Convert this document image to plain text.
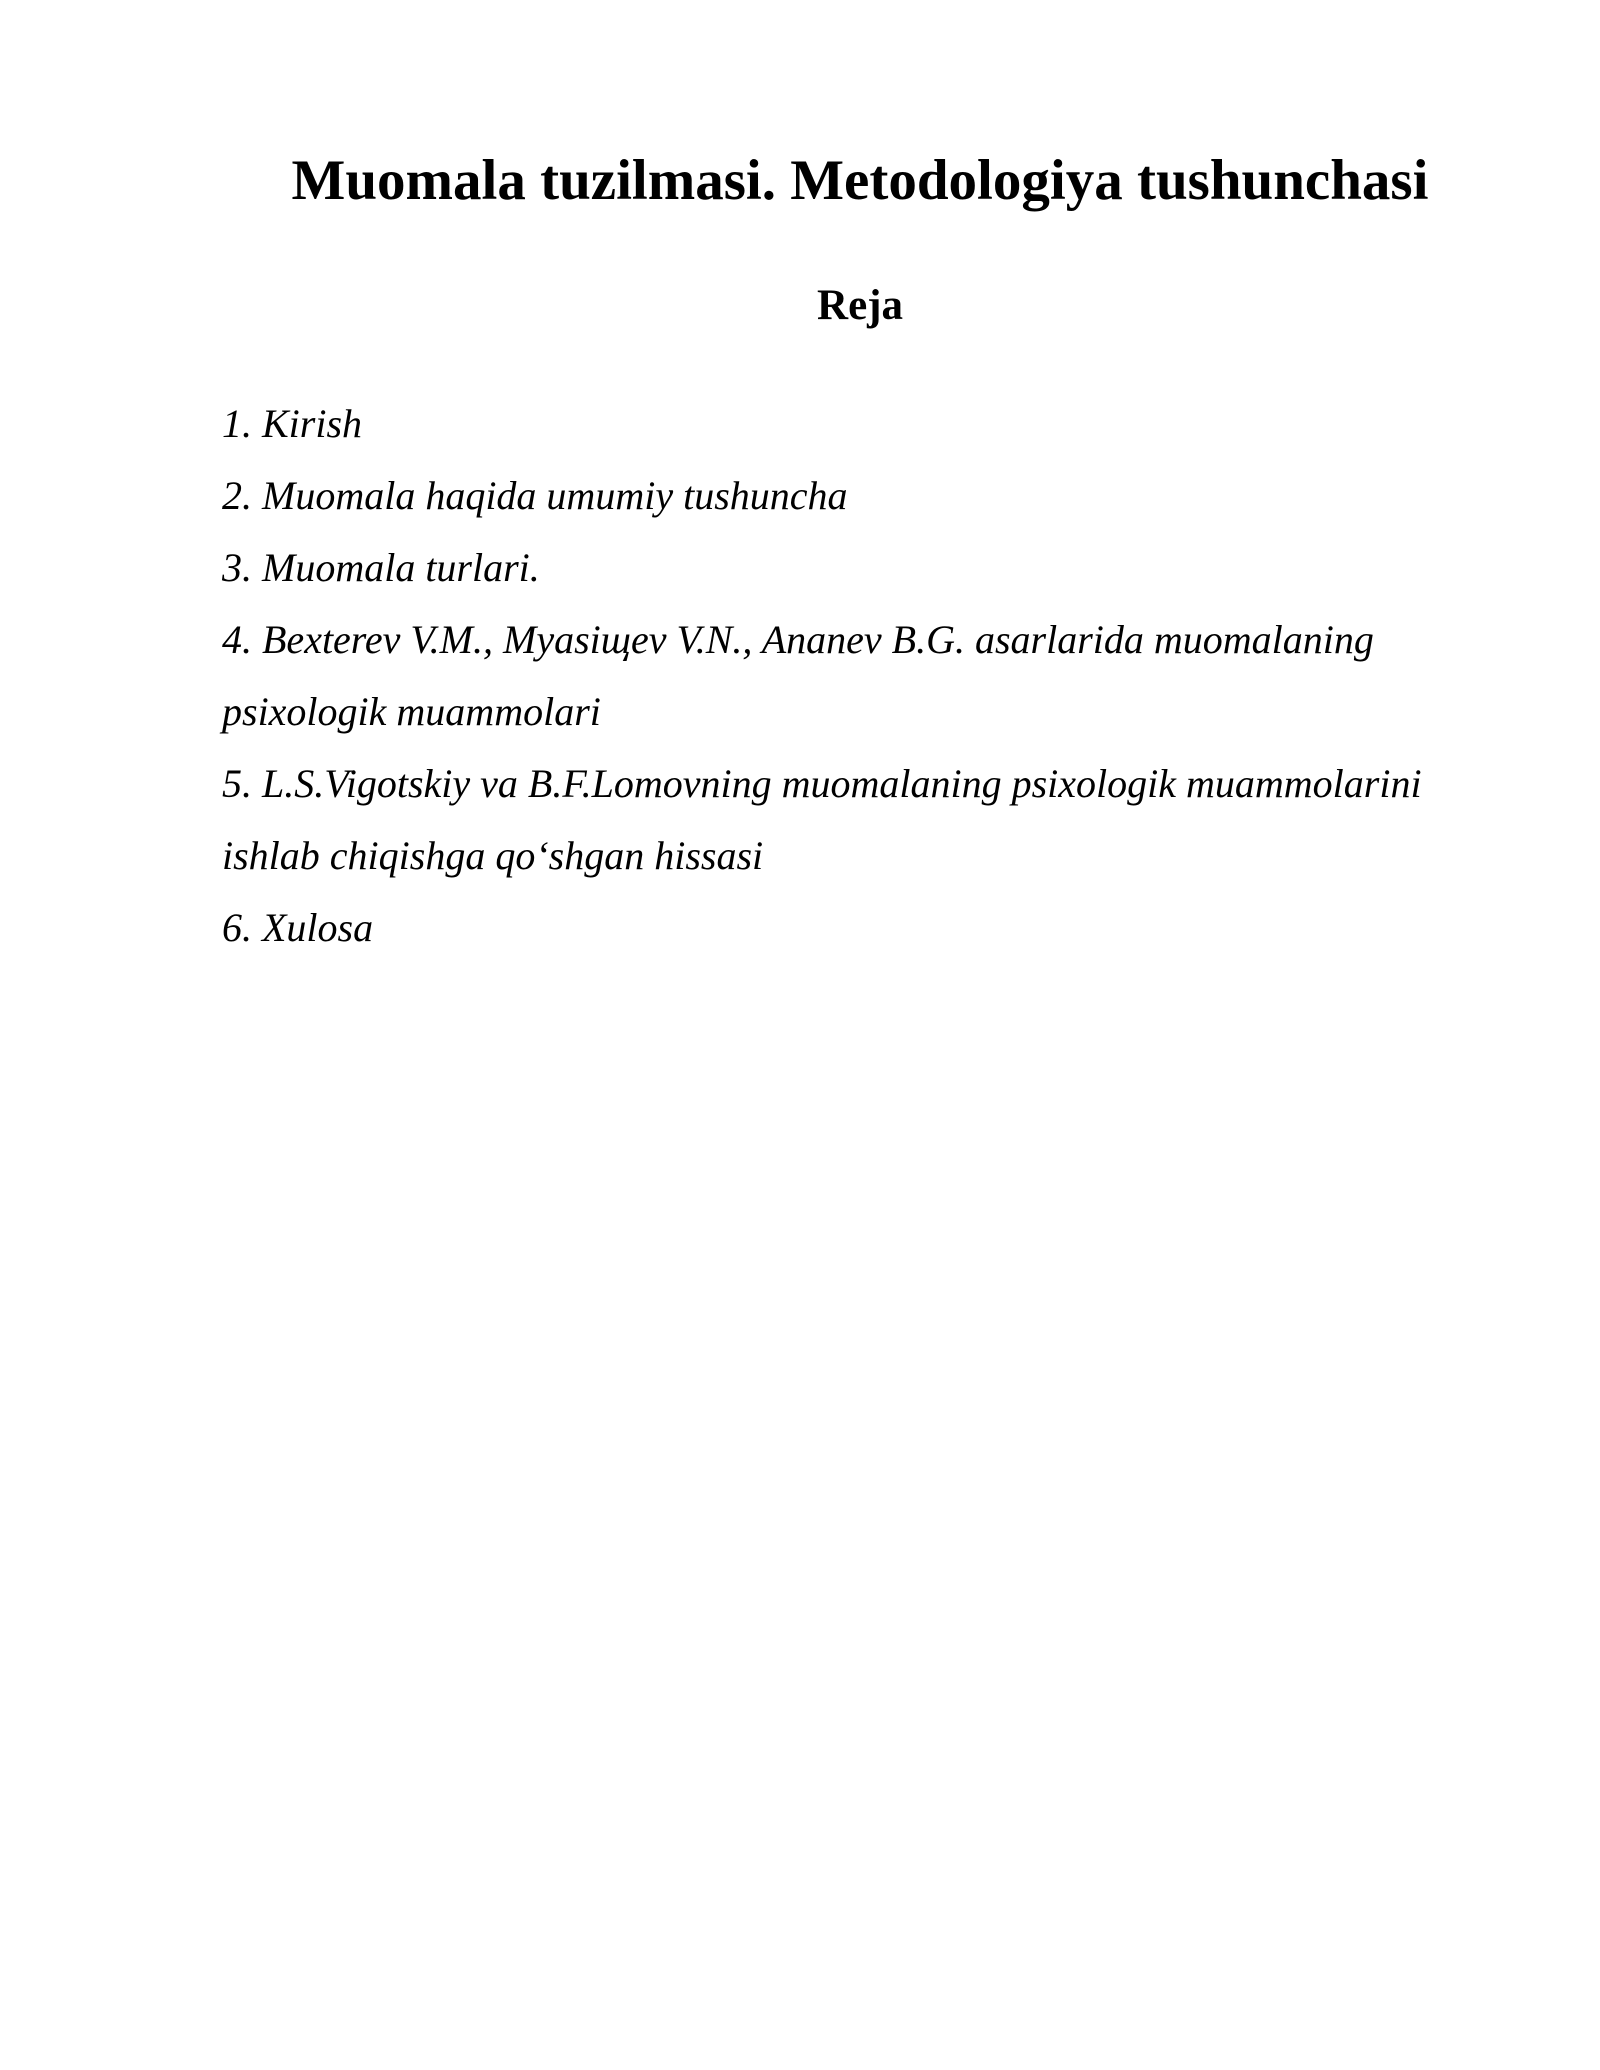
Muomala tuzilmasi. Metodologiya tushunchasi
Reja
1. Kirish
2. Muomala haqida umumiy tushuncha
3. Muomala turlari.
4. Bexterev V.M., Myasiщev V.N., Ananev B.G. asarlarida muomalaning psixologik muammolari
5. L.S.Vigotskiy va B.F.Lomovning muomalaning psixologik muammolarini ishlab chiqishga qo‘shgan hissasi
6. Xulosa
